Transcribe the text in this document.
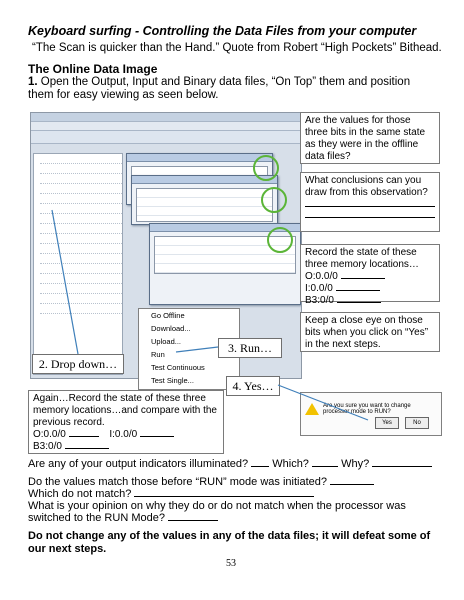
Keyboard surfing - Controlling the Data Files from your computer
“The Scan is quicker than the Hand.” Quote from Robert “High Pockets” Bithead.
The Online Data Image
1. Open the Output, Input and Binary data files, “On Top” them and position them for easy viewing as seen below.
Go Offline
Download...
Upload...
Run
Test Continuous
Test Single...
Are you sure you want to change processor mode to RUN?
Yes	No
3. Run…
2. Drop down…
4. Yes…
Are the values for those three bits in the same state as they were in the offline data files?
What conclusions can you draw from this observation?
Record the state of these three memory locations…
O:0.0/0
I:0.0/0
B3:0/0
Keep a close eye on those bits when you click on “Yes” in the next steps.
Again…Record the state of these three memory locations…and compare with the previous record.
O:0.0/0	I:0.0/0
B3:0/0
Are any of your output indicators illuminated? Which?	Why?
Do the values match those before “RUN” mode was initiated?
Which do not match?
What is your opinion on why they do or do not match when the processor was switched to the RUN Mode?
Do not change any of the values in any of the data files; it will defeat some of our next steps.
53
